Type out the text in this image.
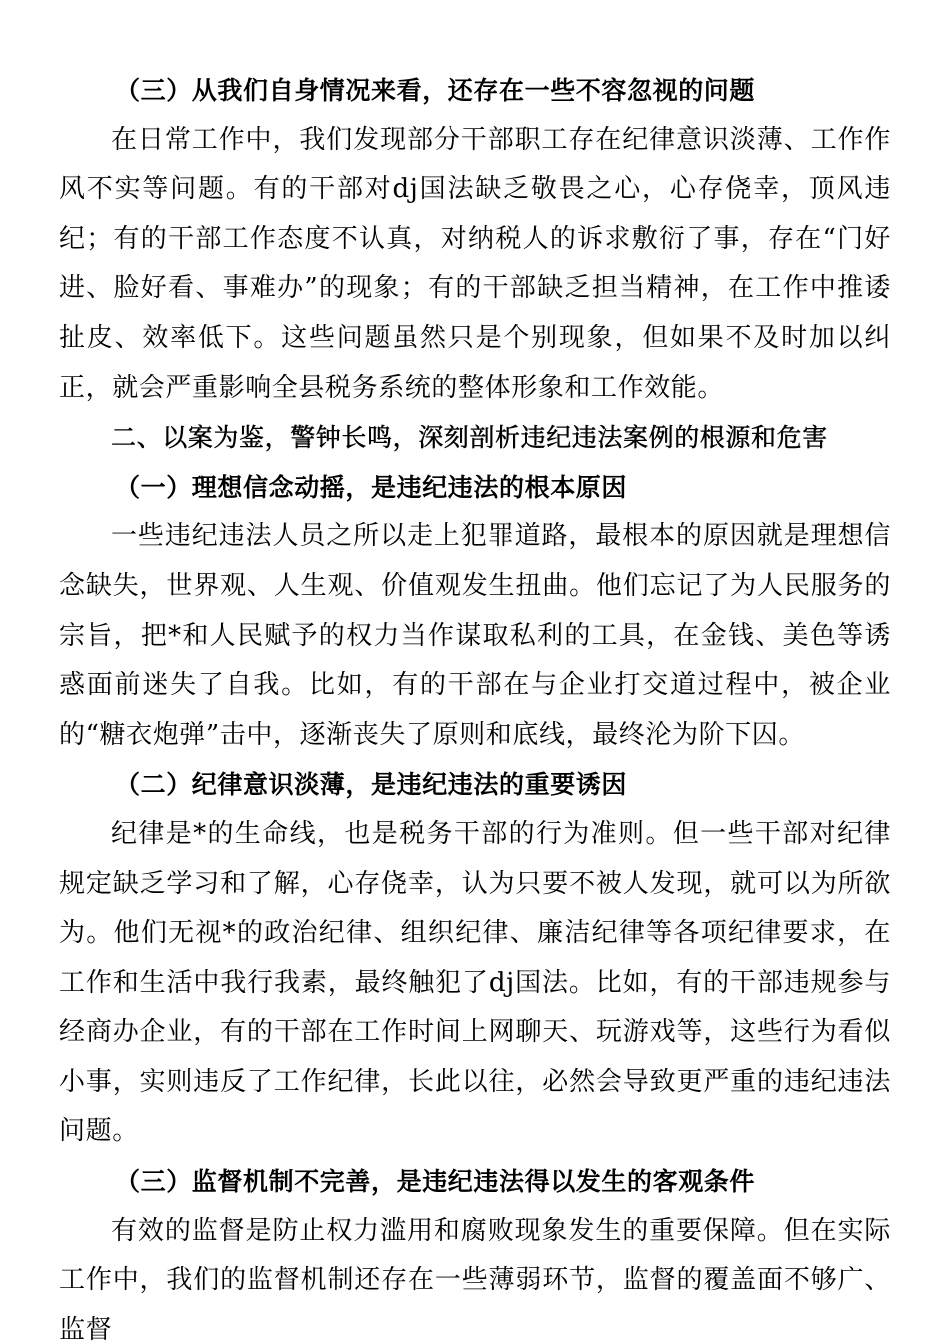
（三）从我们自身情况来看，还存在一些不容忽视的问题

在日常工作中，我们发现部分干部职工存在纪律意识淡薄、工作作风不实等问题。有的干部对dj国法缺乏敬畏之心，心存侥幸，顶风违纪；有的干部工作态度不认真，对纳税人的诉求敷衍了事，存在“门好进、脸好看、事难办”的现象；有的干部缺乏担当精神，在工作中推诿扯皮、效率低下。这些问题虽然只是个别现象，但如果不及时加以纠正，就会严重影响全县税务系统的整体形象和工作效能。

二、以案为鉴，警钟长鸣，深刻剖析违纪违法案例的根源和危害
（一）理想信念动摇，是违纪违法的根本原因

一些违纪违法人员之所以走上犯罪道路，最根本的原因就是理想信念缺失，世界观、人生观、价值观发生扭曲。他们忘记了为人民服务的宗旨，把*和人民赋予的权力当作谋取私利的工具，在金钱、美色等诱惑面前迷失了自我。比如，有的干部在与企业打交道过程中，被企业的“糖衣炮弹”击中，逐渐丧失了原则和底线，最终沦为阶下囚。

（二）纪律意识淡薄，是违纪违法的重要诱因

纪律是*的生命线，也是税务干部的行为准则。但一些干部对纪律规定缺乏学习和了解，心存侥幸，认为只要不被人发现，就可以为所欲为。他们无视*的政治纪律、组织纪律、廉洁纪律等各项纪律要求，在工作和生活中我行我素，最终触犯了dj国法。比如，有的干部违规参与经商办企业，有的干部在工作时间上网聊天、玩游戏等，这些行为看似小事，实则违反了工作纪律，长此以往，必然会导致更严重的违纪违法问题。

（三）监督机制不完善，是违纪违法得以发生的客观条件

有效的监督是防止权力滥用和腐败现象发生的重要保障。但在实际工作中，我们的监督机制还存在一些薄弱环节，监督的覆盖面不够广、监督
